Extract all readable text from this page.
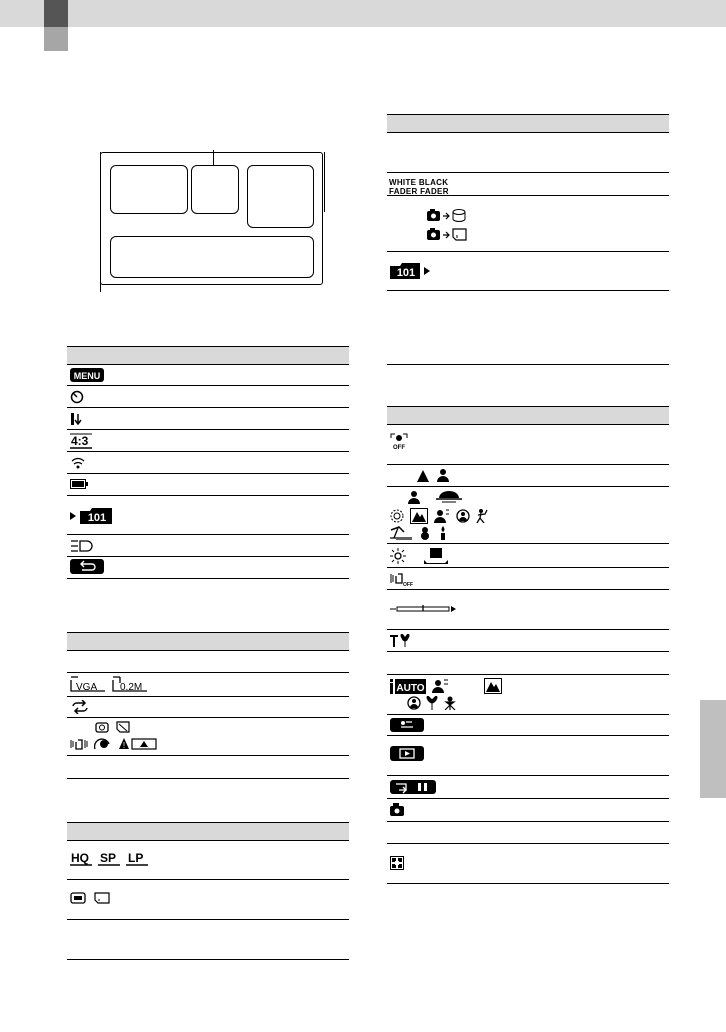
MENU
4:3
101
VGA 0.2M
!
HQ SP LP
WHITE BLACK
FADER FADER
101
OFF
OFF
AUTO
